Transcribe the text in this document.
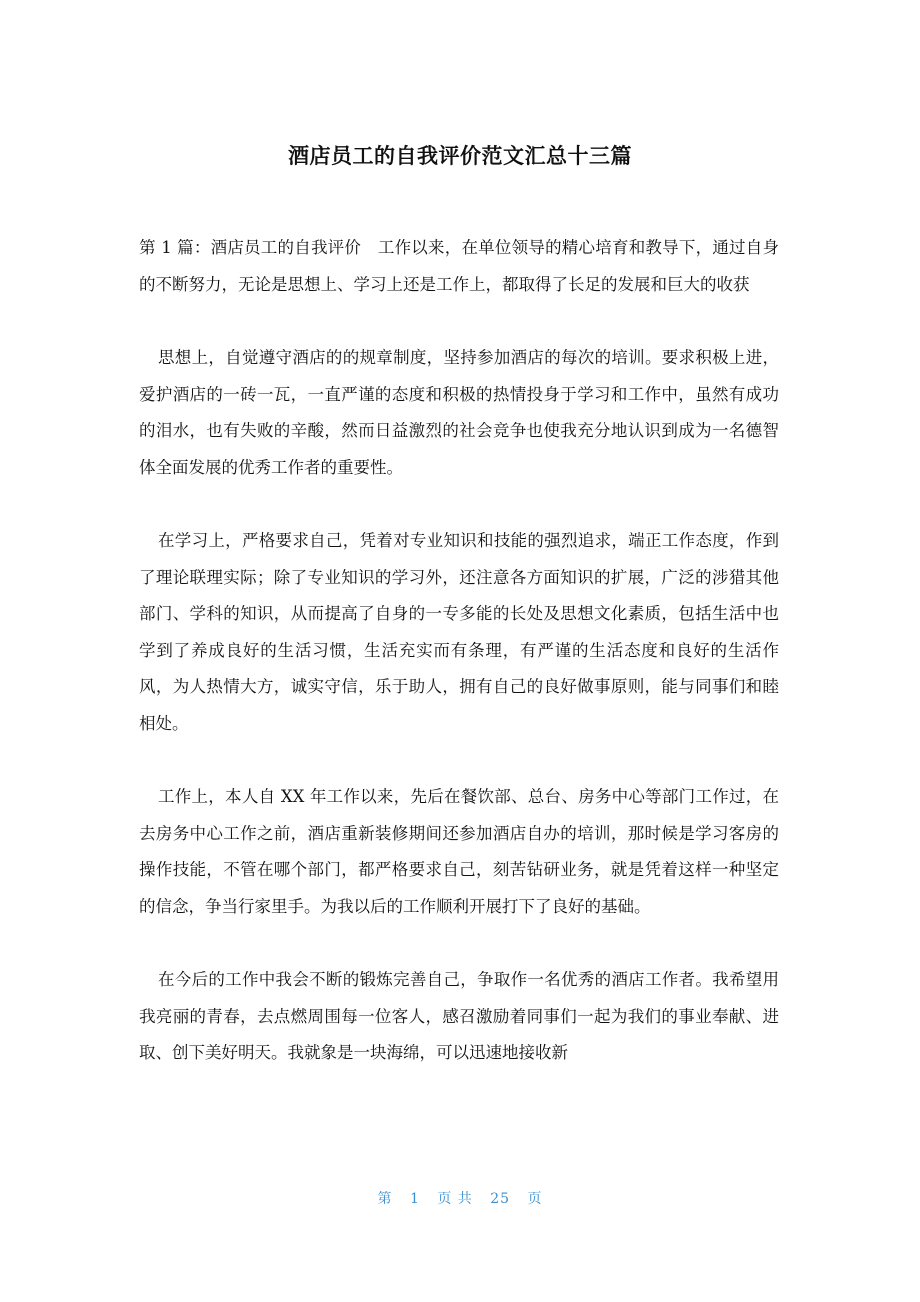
酒店员工的自我评价范文汇总十三篇

第 1 篇：酒店员工的自我评价　工作以来，在单位领导的精心培育和教导下，通过自身的不断努力，无论是思想上、学习上还是工作上，都取得了长足的发展和巨大的收获

思想上，自觉遵守酒店的的规章制度，坚持参加酒店的每次的培训。要求积极上进，爱护酒店的一砖一瓦，一直严谨的态度和积极的热情投身于学习和工作中，虽然有成功的泪水，也有失败的辛酸，然而日益激烈的社会竞争也使我充分地认识到成为一名德智体全面发展的优秀工作者的重要性。

在学习上，严格要求自己，凭着对专业知识和技能的强烈追求，端正工作态度，作到了理论联理实际；除了专业知识的学习外，还注意各方面知识的扩展，广泛的涉猎其他部门、学科的知识，从而提高了自身的一专多能的长处及思想文化素质，包括生活中也学到了养成良好的生活习惯，生活充实而有条理，有严谨的生活态度和良好的生活作风，为人热情大方，诚实守信，乐于助人，拥有自己的良好做事原则，能与同事们和睦相处。

工作上，本人自 XX 年工作以来，先后在餐饮部、总台、房务中心等部门工作过，在去房务中心工作之前，酒店重新装修期间还参加酒店自办的培训，那时候是学习客房的操作技能，不管在哪个部门，都严格要求自己，刻苦钻研业务，就是凭着这样一种坚定的信念，争当行家里手。为我以后的工作顺利开展打下了良好的基础。

在今后的工作中我会不断的锻炼完善自己，争取作一名优秀的酒店工作者。我希望用我亮丽的青春，去点燃周围每一位客人，感召激励着同事们一起为我们的事业奉献、进取、创下美好明天。我就象是一块海绵，可以迅速地接收新

第 1 页 共 25 页
